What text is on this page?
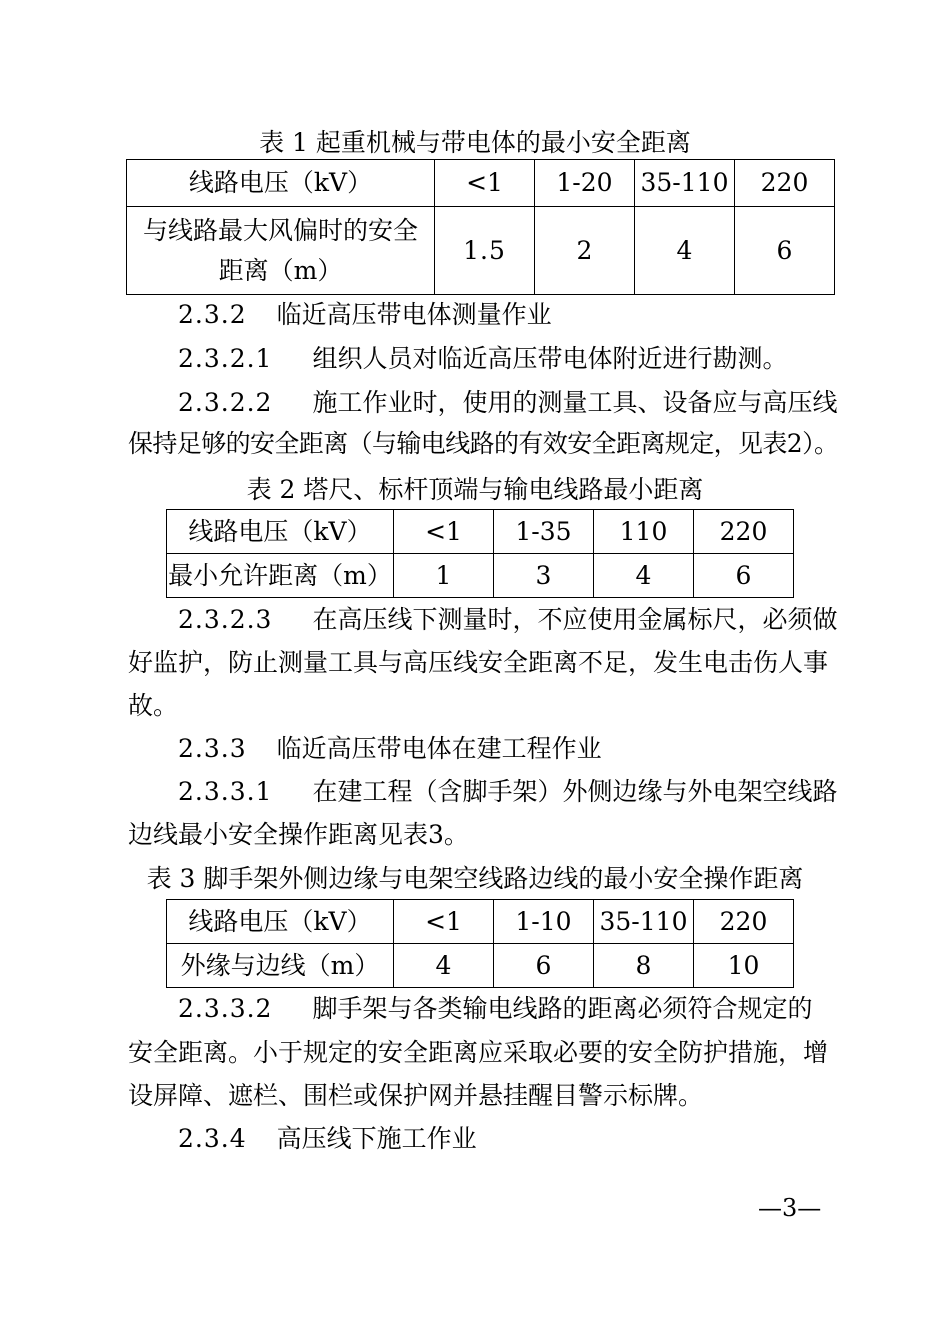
表 1 起重机械与带电体的最小安全距离
线路电压（kV）	<1	1-20	35-110	220

与线路最大风偏时的安全
距离（m）	1.5	2	4	6
2.3.2 临近高压带电体测量作业
2.3.2.1 组织人员对临近高压带电体附近进行勘测。
2.3.2.2 施工作业时，使用的测量工具、设备应与高压线
保持足够的安全距离（与输电线路的有效安全距离规定，见表2）。
表 2 塔尺、标杆顶端与输电线路最小距离
线路电压（kV）	<1	1-35	110	220
最小允许距离（m）	1	3	4	6
2.3.2.3 在高压线下测量时，不应使用金属标尺，必须做
好监护，防止测量工具与高压线安全距离不足，发生电击伤人事
故。
2.3.3 临近高压带电体在建工程作业
2.3.3.1 在建工程（含脚手架）外侧边缘与外电架空线路
边线最小安全操作距离见表3。
表 3 脚手架外侧边缘与电架空线路边线的最小安全操作距离
线路电压（kV）	<1	1-10	35-110	220
外缘与边线（m）	4	6	8	10
2.3.3.2 脚手架与各类输电线路的距离必须符合规定的
安全距离。小于规定的安全距离应采取必要的安全防护措施，增
设屏障、遮栏、围栏或保护网并悬挂醒目警示标牌。
2.3.4 高压线下施工作业
—3—
